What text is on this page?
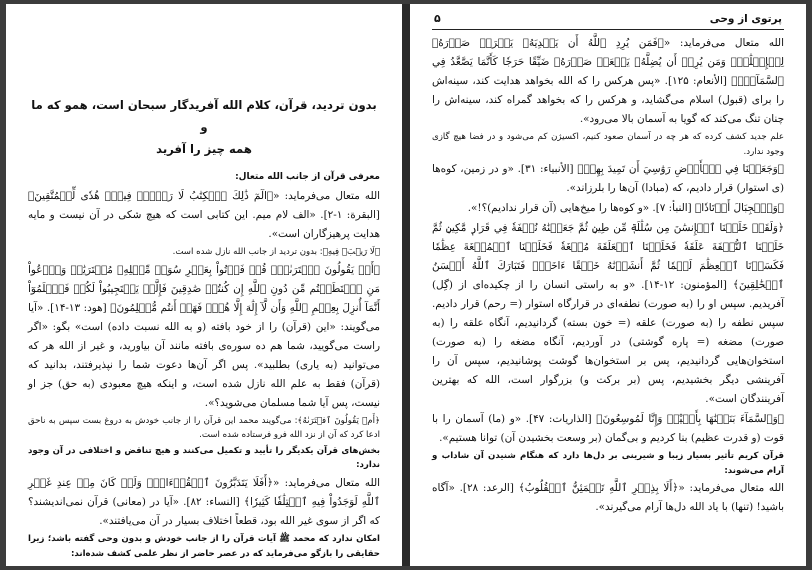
بدون تردید، قرآن، کلام الله آفریدگار سبحان است، همو که ما و
همه چیز را آفرید
معرفی قرآن از جانب الله متعال:

الله متعال می‌فرماید: «﴿الٓمٓ ذَٰلِكَ ٱلۡكِتَٰبُ لَا رَيۡبَۛ فِيهِۛ هُدٗى لِّلۡمُتَّقِينَ﴾ [البقرة: ۱-۲]. «الف لام میم. این کتابی است که هیچ شکی در آن نیست و مایه هدایت پرهیزگاران است».

﴿لَا رَيۡبَۛ فِيهِ﴾: بدون تردید از جانب الله نازل شده است.

﴿أَمۡ يَقُولُونَ ٱفۡتَرَىٰهُۖ قُلۡ فَأۡتُواْ بِعَشۡرِ سُوَرٖ مِّثۡلِهِۦ مُفۡتَرَيَٰتٖ وَٱدۡعُواْ مَنِ ٱسۡتَطَعۡتُم مِّن دُونِ ٱللَّهِ إِن كُنتُمۡ صَٰدِقِينَ فَإِلَّمۡ يَسۡتَجِيبُواْ لَكُمۡ فَٱعۡلَمُوٓاْ أَنَّمَآ أُنزِلَ بِعِلۡمِ ٱللَّهِ وَأَن لَّآ إِلَٰهَ إِلَّا هُوَۖ فَهَلۡ أَنتُم مُّسۡلِمُونَ﴾ [هود: ۱۳-۱۴]. «آیا می‌گویند: «این (قرآن) را از خود بافته (و به الله نسبت داده) است» بگو: «اگر راست می‌گویید، شما هم ده سوره‌ی بافته مانند آن بیاورید، و غیر از الله هر که می‌توانید (به یاری) بطلبید». پس اگر آن‌ها دعوت شما را نپذیرفتند، بدانید که (قرآن) فقط به علم الله نازل شده است، و اینکه هیچ معبودی (به حق) جز او نیست، پس آیا شما مسلمان می‌شوید؟».

﴿أَمۡ يَقُولُونَ ٱفۡتَرَىٰهُ﴾: می‌گویند محمد این قرآن را از جانب خودش به دروغ بست سپس به ناحق ادعا کرد که آن از نزد الله فرو فرستاده شده است.

بخش‌های قرآن یکدیگر را تأیید و تکمیل می‌کنند و هیچ تناقض و اختلافی در آن وجود ندارد:

الله متعال می‌فرماید: «﴿أَفَلَا يَتَدَبَّرُونَ ٱلۡقُرۡءَانَۚ وَلَوۡ كَانَ مِنۡ عِندِ غَيۡرِ ٱللَّهِ لَوَجَدُواْ فِيهِ ٱخۡتِلَٰفٗا كَثِيرٗا﴾ [النساء: ۸۲]. «آیا در (معانی) قرآن نمی‌اندیشند؟ که اگر از سوی غیر الله بود، قطعاً اختلاف بسیار در آن می‌یافتند».

امکان ندارد که محمد ﷺ آیات قرآن را از جانب خودش و بدون وحی گفته باشد؛ زیرا حقایقی را بازگو می‌فرماید که در عصر حاضر از نظر علمی کشف شده‌اند:

پرتوی از وحی
۵

الله متعال می‌فرماید: «﴿فَمَن يُرِدِ ٱللَّهُ أَن يَهۡدِيَهُۥ يَشۡرَحۡ صَدۡرَهُۥ لِلۡإِسۡلَٰمِۖ وَمَن يُرِدۡ أَن يُضِلَّهُۥ يَجۡعَلۡ صَدۡرَهُۥ ضَيِّقًا حَرَجٗا كَأَنَّمَا يَصَّعَّدُ فِي ٱلسَّمَآءِۚ﴾ [الأنعام: ۱۲۵]. «پس هرکس را که الله بخواهد هدایت کند، سینه‌اش را برای (قبول) اسلام می‌گشاید، و هرکس را که بخواهد گمراه کند، سینه‌اش را چنان تنگ می‌کند که گویا به آسمان بالا می‌رود».

علم جدید کشف کرده که هر چه در آسمان صعود کنیم، اکسیژن کم می‌شود و در فضا هیچ گازی وجود ندارد.

﴿وَجَعَلۡنَا فِي ٱلۡأَرۡضِ رَوَٰسِيَ أَن تَمِيدَ بِهِمۡ﴾ [الأنبياء: ۳۱]. «و در زمین، کوه‌ها (ی استوار) قرار دادیم، که (مبادا) آن‌ها را بلرزاند».

﴿وَٱلۡجِبَالَ أَوۡتَادٗا﴾ [النبأ: ۷]. «و کوه‌ها را میخ‌هایی (آن قرار ندادیم)؟!».

﴿وَلَقَدۡ خَلَقۡنَا ٱلۡإِنسَٰنَ مِن سُلَٰلَةٖ مِّن طِينٖ ثُمَّ جَعَلۡنَٰهُ نُطۡفَةٗ فِي قَرَارٖ مَّكِينٖ ثُمَّ خَلَقۡنَا ٱلنُّطۡفَةَ عَلَقَةٗ فَخَلَقۡنَا ٱلۡعَلَقَةَ مُضۡغَةٗ فَخَلَقۡنَا ٱلۡمُضۡغَةَ عِظَٰمٗا فَكَسَوۡنَا ٱلۡعِظَٰمَ لَحۡمٗا ثُمَّ أَنشَأۡنَٰهُ خَلۡقًا ءَاخَرَۚ فَتَبَارَكَ ٱللَّهُ أَحۡسَنُ ٱلۡخَٰلِقِينَ﴾ [المؤمنون: ۱۲-۱۴]. «و به راستی انسان را از چکیده‌ای از (گِل) آفریدیم. سپس او را (به صورت) نطفه‌ای در قرارگاه استوار (= رحم) قرار دادیم. سپس نطفه را (به صورت) علقه (= خون بسته) گردانیدیم، آنگاه علقه را (به صورت) مضغه (= پاره گوشتی) در آوردیم، آنگاه مضغه را (به صورت) استخوان‌هایی گردانیدیم، پس بر استخوان‌ها گوشت پوشانیدیم، سپس آن را آفرینشی دیگر بخشیدیم، پس (بر برکت و) بزرگوار است، الله که بهترین آفرینندگان است».

﴿وَٱلسَّمَآءَ بَنَيۡنَٰهَا بِأَيۡيْدٖ وَإِنَّا لَمُوسِعُونَ﴾ [الذاريات: ۴۷]. «و (ما) آسمان را با قوت (و قدرت عظیم) بنا کردیم و بی‌گمان (بر وسعت بخشیدن آن) توانا هستیم».

قرآن کریم تأثیر بسیار زیبا و شیرینی بر دل‌ها دارد که هنگام شنیدن آن شاداب و آرام می‌شوند:

الله متعال می‌فرماید: «﴿أَلَا بِذِكۡرِ ٱللَّهِ تَطۡمَئِنُّ ٱلۡقُلُوبُ﴾ [الرعد: ۲۸]. «آگاه باشید! (تنها) با یاد الله دل‌ها آرام می‌گیرند».
